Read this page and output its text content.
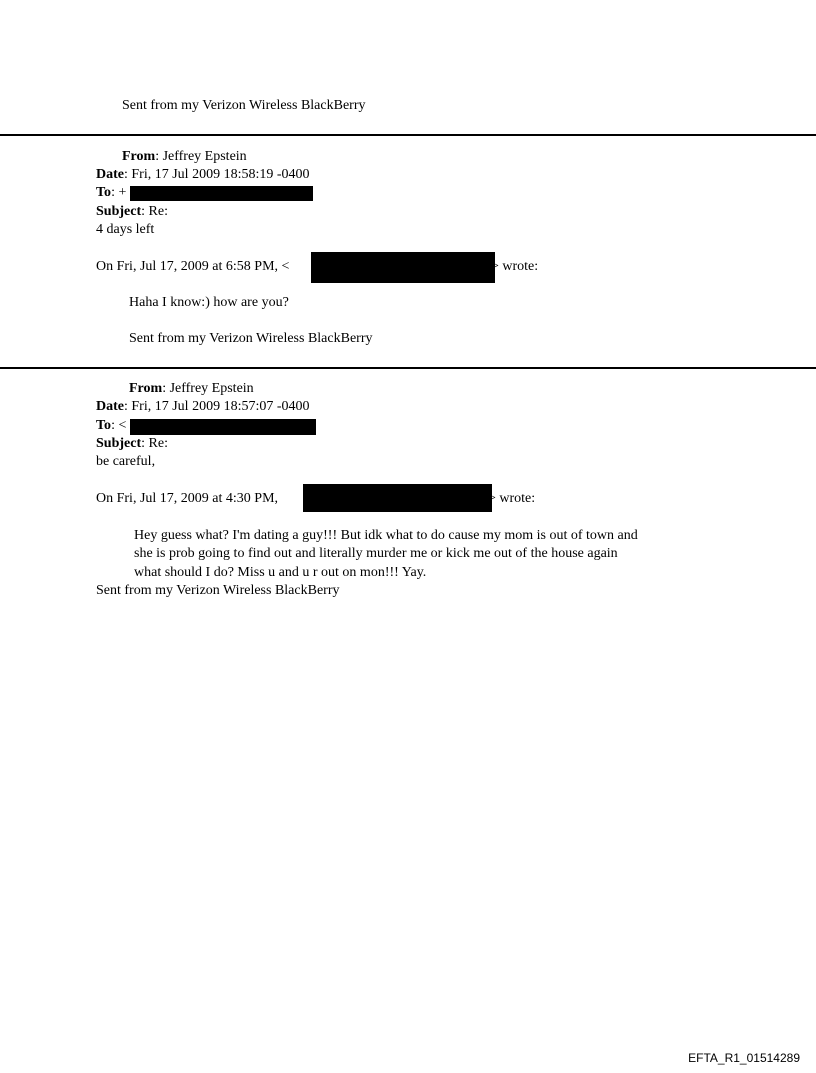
Sent from my Verizon Wireless BlackBerry
From: Jeffrey Epstein
Date: Fri, 17 Jul 2009 18:58:19 -0400
To: +
Subject: Re:
4 days left
On Fri, Jul 17, 2009 at 6:58 PM, <	> wrote:
Haha I know:) how are you?
Sent from my Verizon Wireless BlackBerry
From: Jeffrey Epstein
Date: Fri, 17 Jul 2009 18:57:07 -0400
To: <
Subject: Re:
be careful,
On Fri, Jul 17, 2009 at 4:30 PM,	> wrote:
Hey guess what? I'm dating a guy!!! But idk what to do cause my mom is out of town and
she is prob going to find out and literally murder me or kick me out of the house again
what should I do? Miss u and u r out on mon!!! Yay.
Sent from my Verizon Wireless BlackBerry
EFTA_R1_01514289
